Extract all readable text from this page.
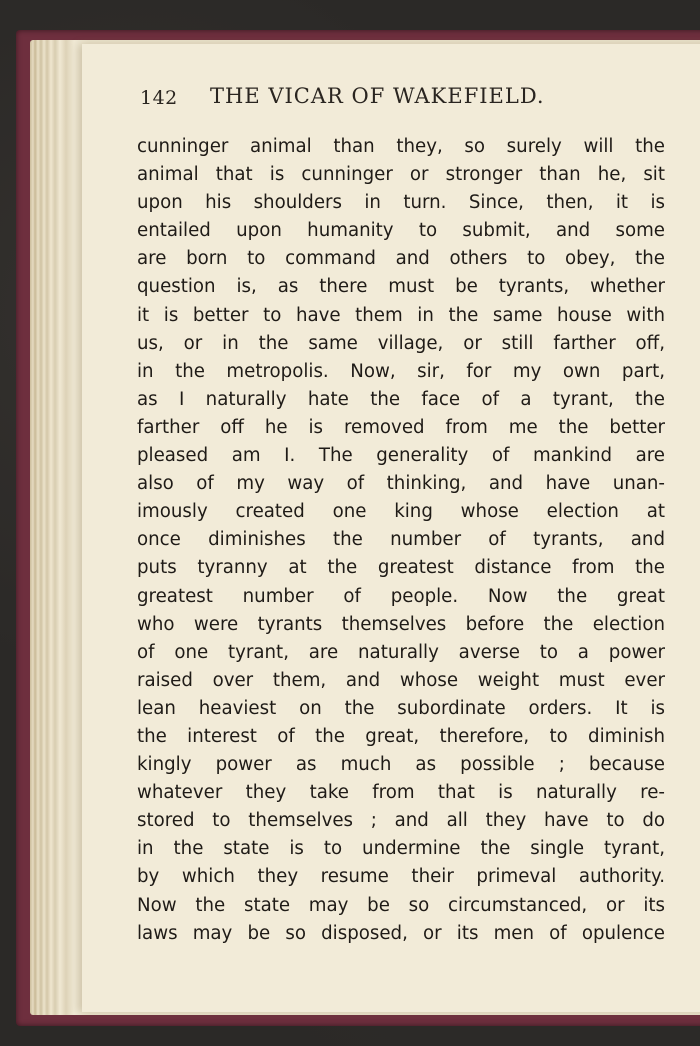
142 THE VICAR OF WAKEFIELD.
cunninger animal than they, so surely will the
animal that is cunninger or stronger than he, sit
upon his shoulders in turn. Since, then, it is
entailed upon humanity to submit, and some
are born to command and others to obey, the
question is, as there must be tyrants, whether
it is better to have them in the same house with
us, or in the same village, or still farther off,
in the metropolis. Now, sir, for my own part,
as I naturally hate the face of a tyrant, the
farther off he is removed from me the better
pleased am I. The generality of mankind are
also of my way of thinking, and have unan-
imously created one king whose election at
once diminishes the number of tyrants, and
puts tyranny at the greatest distance from the
greatest number of people. Now the great
who were tyrants themselves before the election
of one tyrant, are naturally averse to a power
raised over them, and whose weight must ever
lean heaviest on the subordinate orders. It is
the interest of the great, therefore, to diminish
kingly power as much as possible ; because
whatever they take from that is naturally re-
stored to themselves ; and all they have to do
in the state is to undermine the single tyrant,
by which they resume their primeval authority.
Now the state may be so circumstanced, or its
laws may be so disposed, or its men of opulence
